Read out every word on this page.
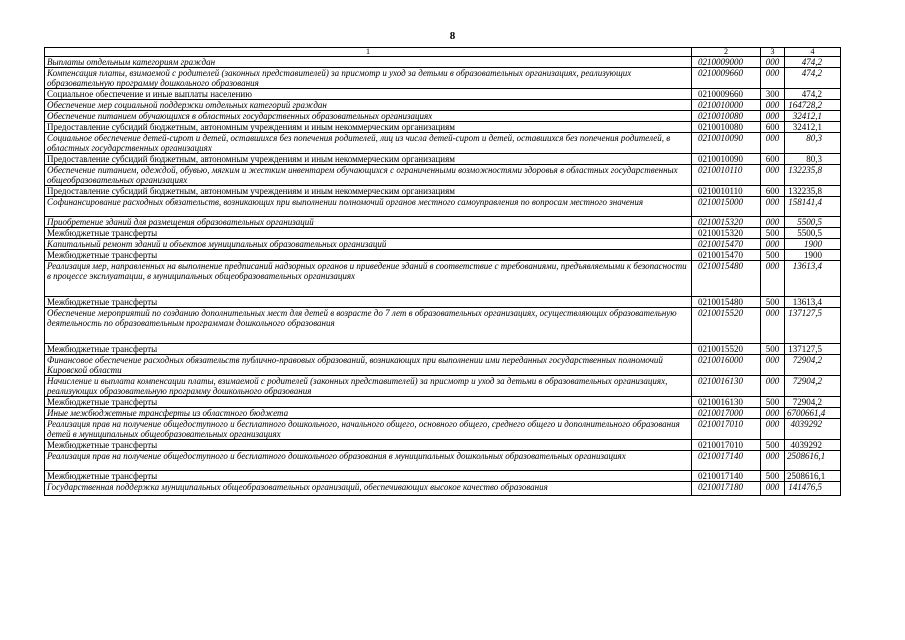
8
1	2	3	4
Выплаты отдельным категориям граждан	0210009000	000	474,2
Компенсация платы, взимаемой с родителей (законных представителей) за присмотр и уход за детьми в образовательных организациях, реализующих образовательную программу дошкольного образования	0210009660	000	474,2
Социальное обеспечение и иные выплаты населению	0210009660	300	474,2
Обеспечение мер социальной поддержки отдельных категорий граждан	0210010000	000	164728,2
Обеспечение питанием обучающихся в областных государственных образовательных организациях	0210010080	000	32412,1
Предоставление субсидий бюджетным, автономным учреждениям и иным некоммерческим организациям	0210010080	600	32412,1
Социальное обеспечение детей-сирот и детей, оставшихся без попечения родителей, лиц из числа детей-сирот и детей, оставшихся без попечения родителей, в областных государственных организациях	0210010090	000	80,3
Предоставление субсидий бюджетным, автономным учреждениям и иным некоммерческим организациям	0210010090	600	80,3
Обеспечение питанием, одеждой, обувью, мягким и жестким инвентарем обучающихся с ограниченными возможностями здоровья в областных государственных общеобразовательных организациях	0210010110	000	132235,8
Предоставление субсидий бюджетным, автономным учреждениям и иным некоммерческим организациям	0210010110	600	132235,8
Софинансирование расходных обязательств, возникающих при выполнении полномочий органов местного самоуправления по вопросам местного значения	0210015000	000	158141,4
Приобретение зданий для размещения образовательных организаций	0210015320	000	5500,5
Межбюджетные трансферты	0210015320	500	5500,5
Капитальный ремонт зданий и объектов муниципальных образовательных организаций	0210015470	000	1900
Межбюджетные трансферты	0210015470	500	1900
Реализация мер, направленных на выполнение предписаний надзорных органов и приведение зданий в соответствие с требованиями, предъявляемыми к безопасности в процессе эксплуатации, в муниципальных общеобразовательных организациях	0210015480	000	13613,4
Межбюджетные трансферты	0210015480	500	13613,4
Обеспечение мероприятий по созданию дополнительных мест для детей в возрасте до 7 лет в образовательных организациях, осуществляющих образовательную деятельность по образовательным программам дошкольного образования	0210015520	000	137127,5
Межбюджетные трансферты	0210015520	500	137127,5
Финансовое обеспечение расходных обязательств публично-правовых образований, возникающих при выполнении ими переданных государственных полномочий Кировской области	0210016000	000	72904,2
Начисление и выплата компенсации платы, взимаемой с родителей (законных представителей) за присмотр и уход за детьми в образовательных организациях, реализующих образовательную программу дошкольного образования	0210016130	000	72904,2
Межбюджетные трансферты	0210016130	500	72904,2
Иные межбюджетные трансферты из областного бюджета	0210017000	000	6700661,4
Реализация прав на получение общедоступного и бесплатного дошкольного, начального общего, основного общего, среднего общего и дополнительного образования детей в муниципальных общеобразовательных организациях	0210017010	000	4039292
Межбюджетные трансферты	0210017010	500	4039292
Реализация прав на получение общедоступного и бесплатного дошкольного образования в муниципальных дошкольных образовательных организациях	0210017140	000	2508616,1
Межбюджетные трансферты	0210017140	500	2508616,1
Государственная поддержка муниципальных общеобразовательных организаций, обеспечивающих высокое качество образования	0210017180	000	141476,5
